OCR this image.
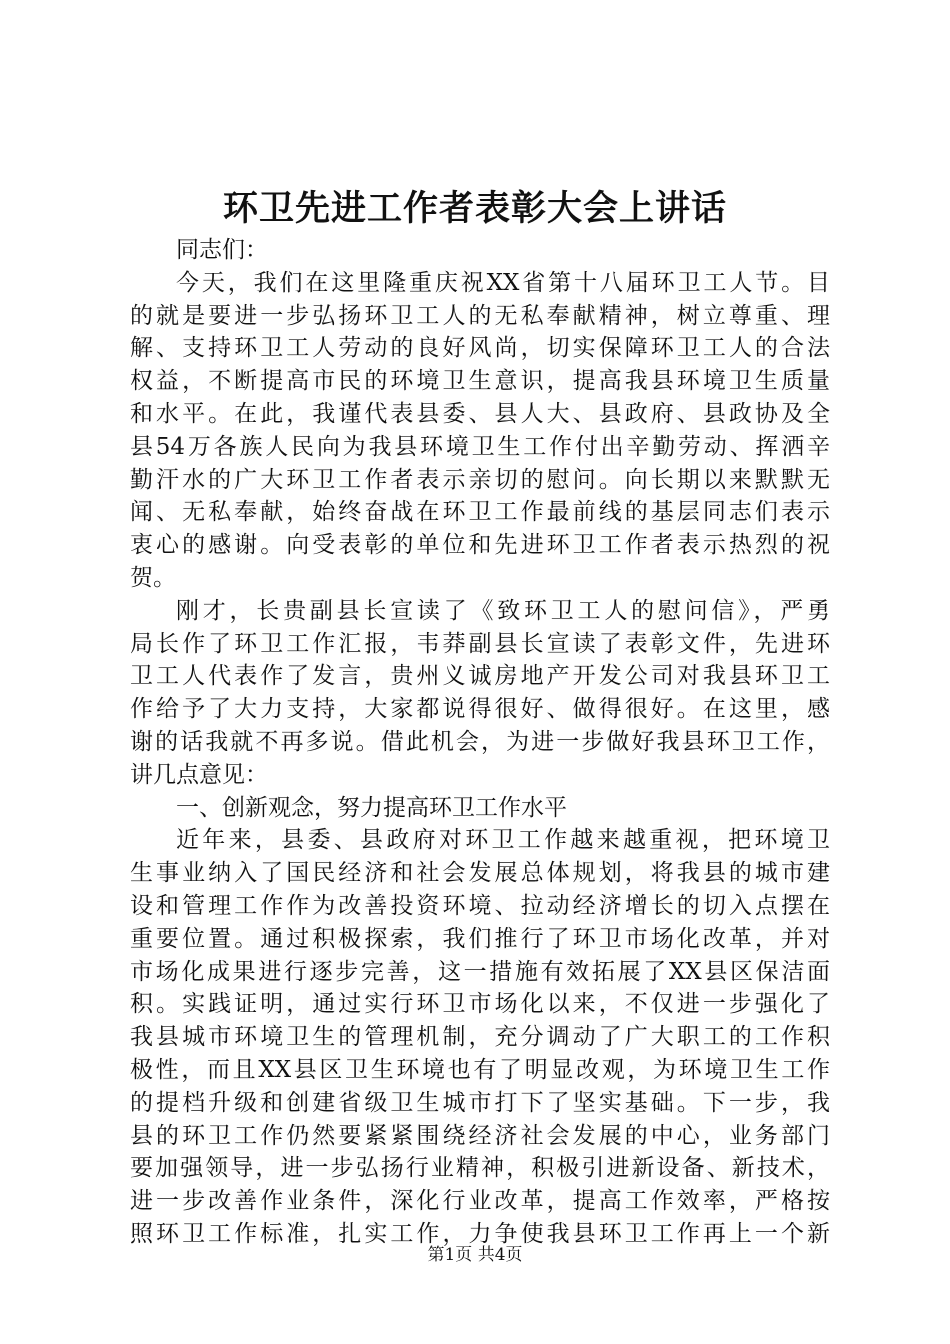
环卫先进工作者表彰大会上讲话
同志们：
今天，我们在这里隆重庆祝XX省第十八届环卫工人节。目
的就是要进一步弘扬环卫工人的无私奉献精神，树立尊重、理
解、支持环卫工人劳动的良好风尚，切实保障环卫工人的合法
权益，不断提高市民的环境卫生意识，提高我县环境卫生质量
和水平。在此，我谨代表县委、县人大、县政府、县政协及全
县54万各族人民向为我县环境卫生工作付出辛勤劳动、挥洒辛
勤汗水的广大环卫工作者表示亲切的慰问。向长期以来默默无
闻、无私奉献，始终奋战在环卫工作最前线的基层同志们表示
衷心的感谢。向受表彰的单位和先进环卫工作者表示热烈的祝
贺。
刚才，长贵副县长宣读了《致环卫工人的慰问信》，严勇
局长作了环卫工作汇报，韦莽副县长宣读了表彰文件，先进环
卫工人代表作了发言，贵州义诚房地产开发公司对我县环卫工
作给予了大力支持，大家都说得很好、做得很好。在这里，感
谢的话我就不再多说。借此机会，为进一步做好我县环卫工作，
讲几点意见：
一、创新观念，努力提高环卫工作水平
近年来，县委、县政府对环卫工作越来越重视，把环境卫
生事业纳入了国民经济和社会发展总体规划，将我县的城市建
设和管理工作作为改善投资环境、拉动经济增长的切入点摆在
重要位置。通过积极探索，我们推行了环卫市场化改革，并对
市场化成果进行逐步完善，这一措施有效拓展了XX县区保洁面
积。实践证明，通过实行环卫市场化以来，不仅进一步强化了
我县城市环境卫生的管理机制，充分调动了广大职工的工作积
极性，而且XX县区卫生环境也有了明显改观，为环境卫生工作
的提档升级和创建省级卫生城市打下了坚实基础。下一步，我
县的环卫工作仍然要紧紧围绕经济社会发展的中心，业务部门
要加强领导，进一步弘扬行业精神，积极引进新设备、新技术，
进一步改善作业条件，深化行业改革，提高工作效率，严格按
照环卫工作标准，扎实工作，力争使我县环卫工作再上一个新
第1页 共4页
